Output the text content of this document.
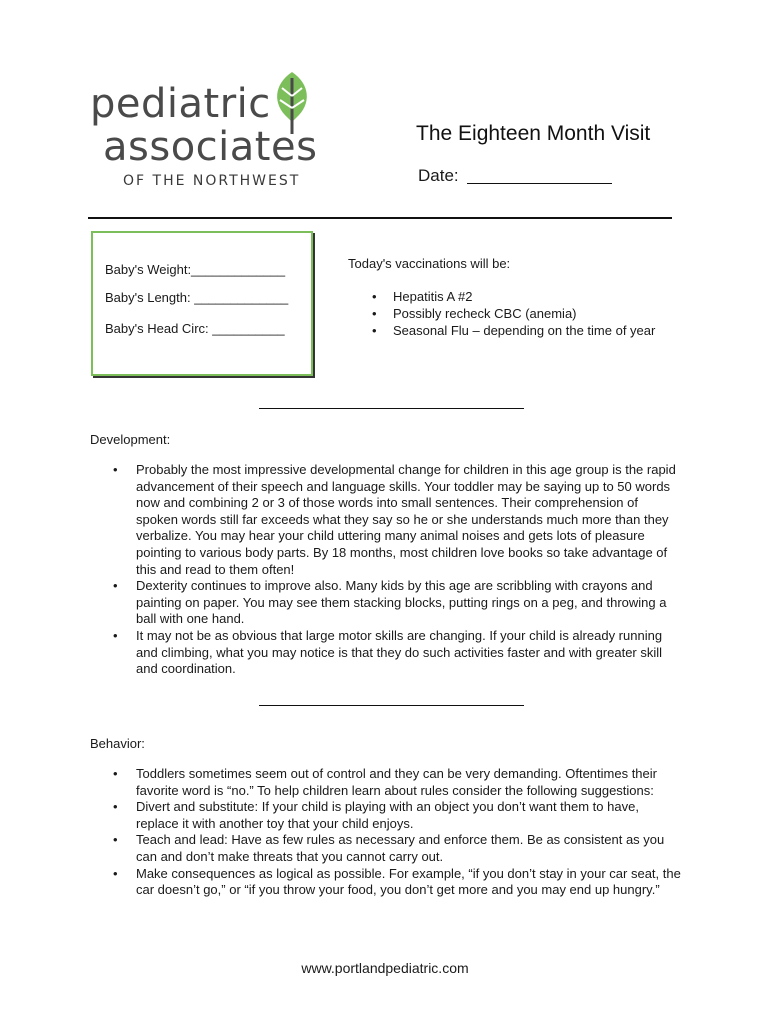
pediatric
associates
OF THE NORTHWEST
The Eighteen Month Visit
Date:
Baby's Weight:_____________
Baby's Length: _____________
Baby's Head Circ: __________
Today's vaccinations will be:
• Hepatitis A #2
• Possibly recheck CBC (anemia)
• Seasonal Flu – depending on the time of year
Development:
• Probably the most impressive developmental change for children in this age group is the rapid advancement of their speech and language skills. Your toddler may be saying up to 50 words now and combining 2 or 3 of those words into small sentences. Their comprehension of spoken words still far exceeds what they say so he or she understands much more than they verbalize. You may hear your child uttering many animal noises and gets lots of pleasure pointing to various body parts. By 18 months, most children love books so take advantage of this and read to them often!
• Dexterity continues to improve also. Many kids by this age are scribbling with crayons and painting on paper. You may see them stacking blocks, putting rings on a peg, and throwing a ball with one hand.
• It may not be as obvious that large motor skills are changing. If your child is already running and climbing, what you may notice is that they do such activities faster and with greater skill and coordination.
Behavior:
• Toddlers sometimes seem out of control and they can be very demanding. Oftentimes their favorite word is “no.” To help children learn about rules consider the following suggestions:
• Divert and substitute: If your child is playing with an object you don’t want them to have, replace it with another toy that your child enjoys.
• Teach and lead: Have as few rules as necessary and enforce them. Be as consistent as you can and don’t make threats that you cannot carry out.
• Make consequences as logical as possible. For example, “if you don’t stay in your car seat, the car doesn’t go,” or “if you throw your food, you don’t get more and you may end up hungry.”
www.portlandpediatric.com
